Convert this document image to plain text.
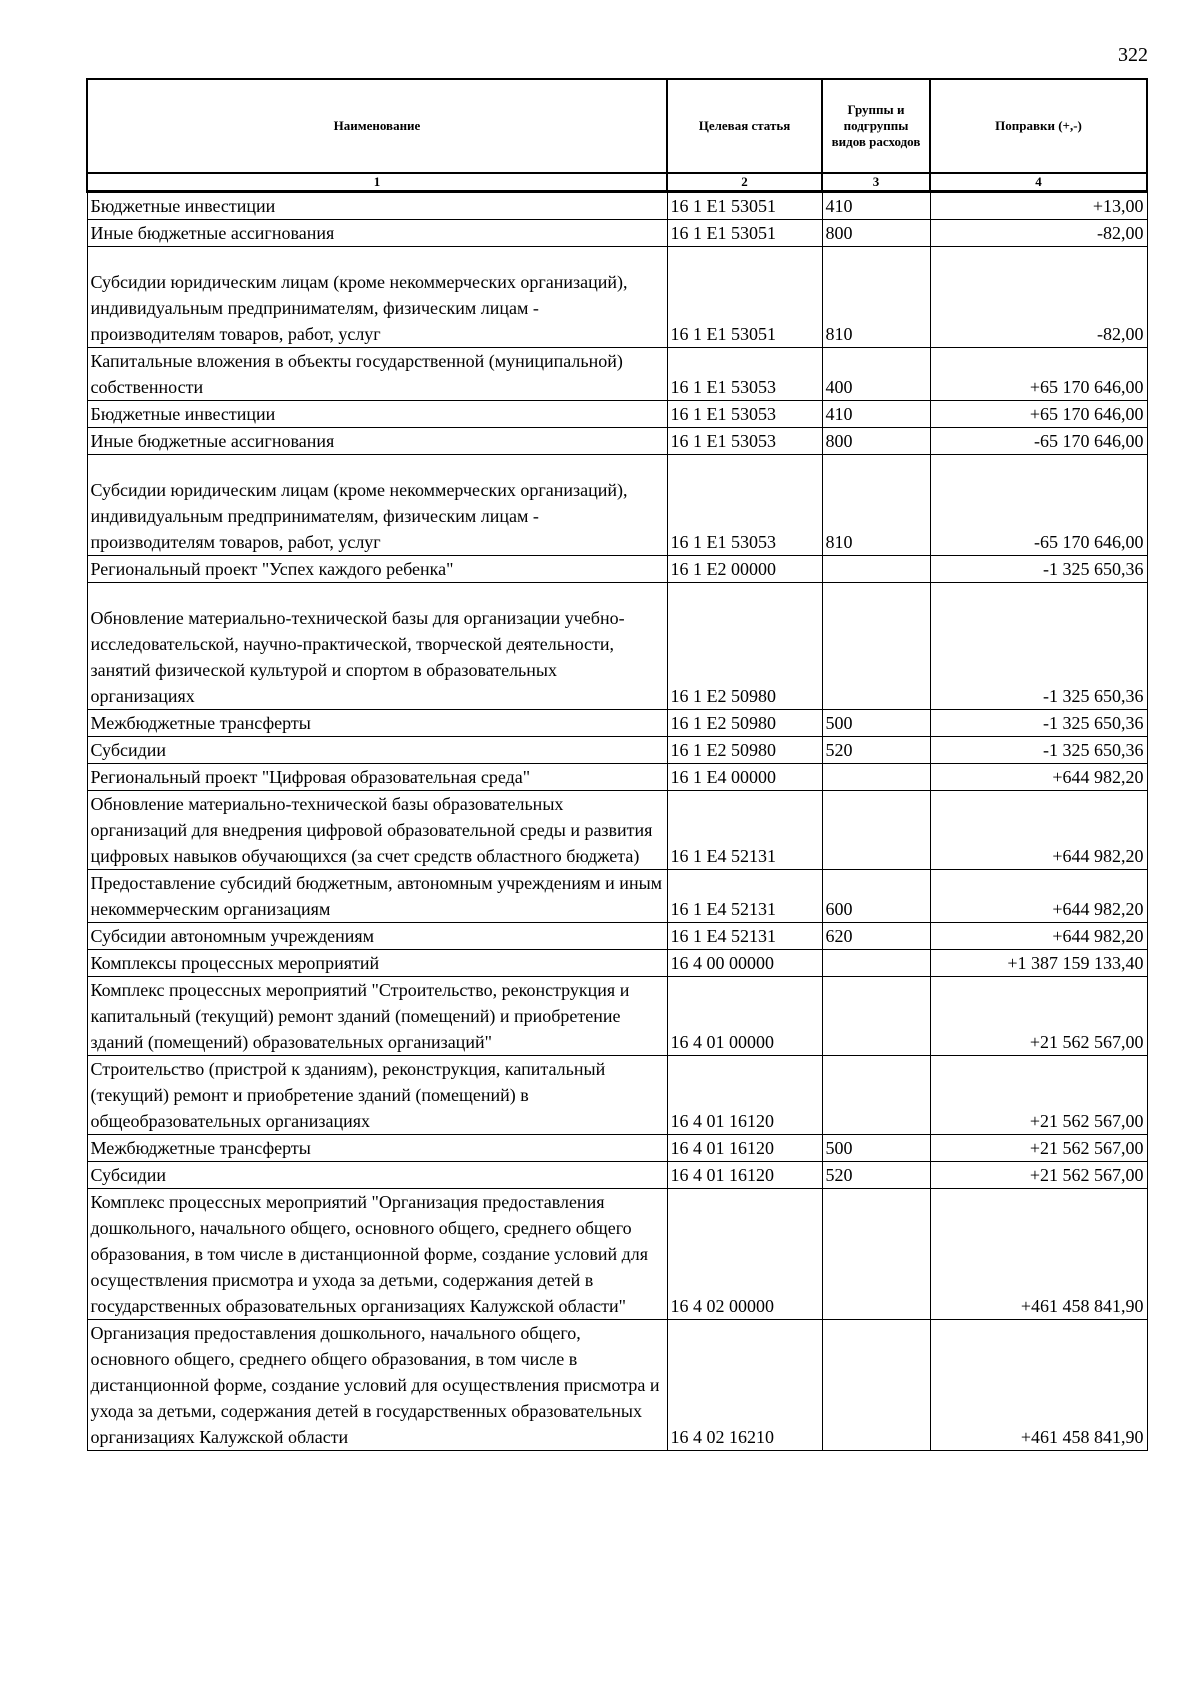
322
Наименование	Целевая статья	Группы и подгруппы видов расходов	Поправки (+,-)
1	2	3	4
Бюджетные инвестиции	16 1 E1 53051	410	+13,00
Иные бюджетные ассигнования	16 1 E1 53051	800	-82,00
Субсидии юридическим лицам (кроме некоммерческих организаций), индивидуальным предпринимателям, физическим лицам - производителям товаров, работ, услуг	16 1 E1 53051	810	-82,00
Капитальные вложения в объекты государственной (муниципальной) собственности	16 1 E1 53053	400	+65 170 646,00
Бюджетные инвестиции	16 1 E1 53053	410	+65 170 646,00
Иные бюджетные ассигнования	16 1 E1 53053	800	-65 170 646,00
Субсидии юридическим лицам (кроме некоммерческих организаций), индивидуальным предпринимателям, физическим лицам - производителям товаров, работ, услуг	16 1 E1 53053	810	-65 170 646,00
Региональный проект "Успех каждого ребенка"	16 1 E2 00000		-1 325 650,36
Обновление материально-технической базы для организации учебно-исследовательской, научно-практической, творческой деятельности, занятий физической культурой и спортом в образовательных организациях	16 1 E2 50980		-1 325 650,36
Межбюджетные трансферты	16 1 E2 50980	500	-1 325 650,36
Субсидии	16 1 E2 50980	520	-1 325 650,36
Региональный проект "Цифровая образовательная среда"	16 1 E4 00000		+644 982,20
Обновление материально-технической базы образовательных организаций для внедрения цифровой образовательной среды и развития цифровых навыков обучающихся (за счет средств областного бюджета)	16 1 E4 52131		+644 982,20
Предоставление субсидий бюджетным, автономным учреждениям и иным некоммерческим организациям	16 1 E4 52131	600	+644 982,20
Субсидии автономным учреждениям	16 1 E4 52131	620	+644 982,20
Комплексы процессных мероприятий	16 4 00 00000		+1 387 159 133,40
Комплекс процессных мероприятий "Строительство, реконструкция и капитальный (текущий) ремонт зданий (помещений) и приобретение зданий (помещений) образовательных организаций"	16 4 01 00000		+21 562 567,00
Строительство (пристрой к зданиям), реконструкция, капитальный (текущий) ремонт и приобретение зданий (помещений) в общеобразовательных организациях	16 4 01 16120		+21 562 567,00
Межбюджетные трансферты	16 4 01 16120	500	+21 562 567,00
Субсидии	16 4 01 16120	520	+21 562 567,00
Комплекс процессных мероприятий "Организация предоставления дошкольного, начального общего, основного общего, среднего общего образования, в том числе в дистанционной форме, создание условий для осуществления присмотра и ухода за детьми, содержания детей в государственных образовательных организациях Калужской области"	16 4 02 00000		+461 458 841,90
Организация предоставления дошкольного, начального общего, основного общего, среднего общего образования, в том числе в дистанционной форме, создание условий для осуществления присмотра и ухода за детьми, содержания детей в государственных образовательных организациях Калужской области	16 4 02 16210		+461 458 841,90
